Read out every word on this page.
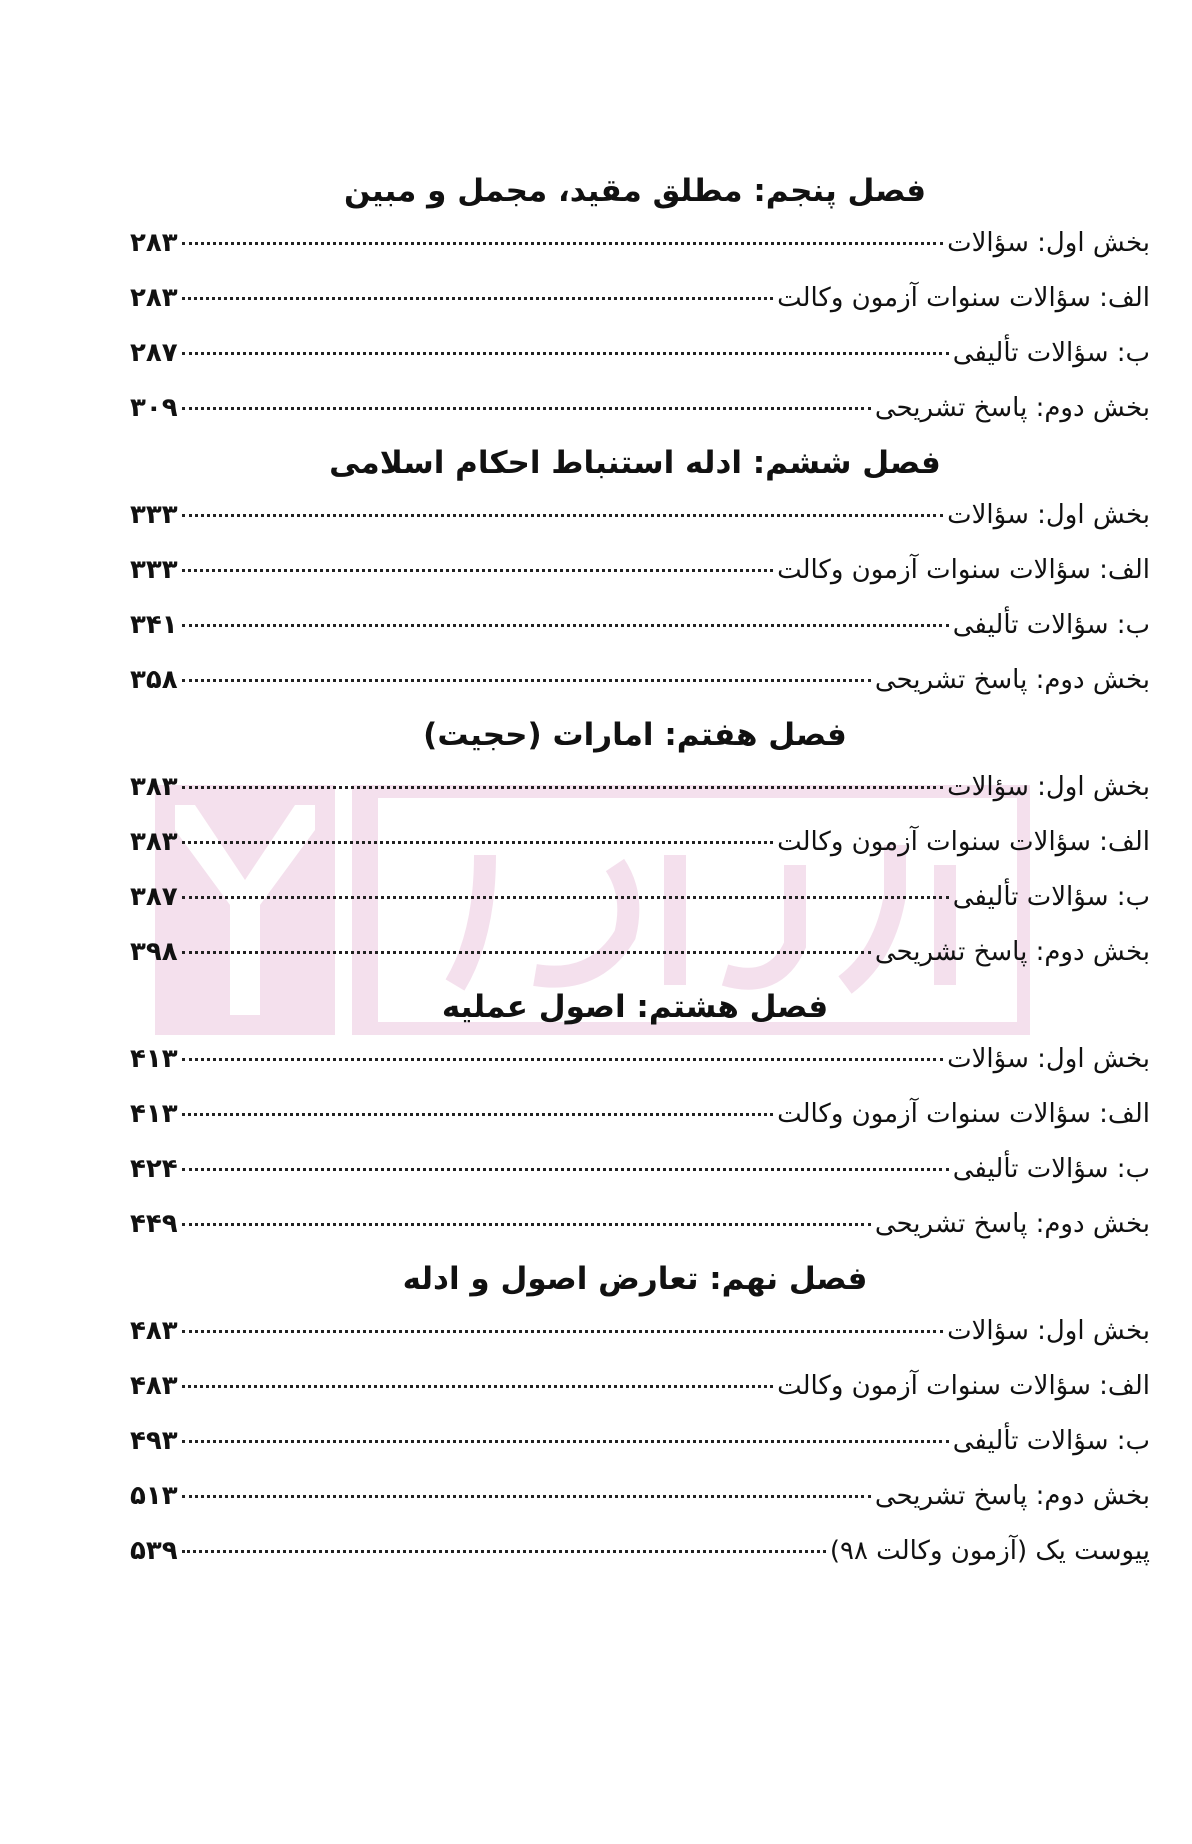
فصل پنجم: مطلق مقید، مجمل و مبین
بخش اول: سؤالات
۲۸۳
الف: سؤالات سنوات آزمون وکالت
۲۸۳
ب: سؤالات تألیفی
۲۸۷
بخش دوم: پاسخ تشریحی
۳۰۹
فصل ششم: ادله استنباط احکام اسلامی
بخش اول: سؤالات
۳۳۳
الف: سؤالات سنوات آزمون وکالت
۳۳۳
ب: سؤالات تألیفی
۳۴۱
بخش دوم: پاسخ تشریحی
۳۵۸
فصل هفتم: امارات (حجیت)
بخش اول: سؤالات
۳۸۳
الف: سؤالات سنوات آزمون وکالت
۳۸۳
ب: سؤالات تألیفی
۳۸۷
بخش دوم: پاسخ تشریحی
۳۹۸
فصل هشتم: اصول عملیه
بخش اول: سؤالات
۴۱۳
الف: سؤالات سنوات آزمون وکالت
۴۱۳
ب: سؤالات تألیفی
۴۲۴
بخش دوم: پاسخ تشریحی
۴۴۹
فصل نهم: تعارض اصول و ادله
بخش اول: سؤالات
۴۸۳
الف: سؤالات سنوات آزمون وکالت
۴۸۳
ب: سؤالات تألیفی
۴۹۳
بخش دوم: پاسخ تشریحی
۵۱۳
پیوست یک (آزمون وکالت ۹۸)
۵۳۹
